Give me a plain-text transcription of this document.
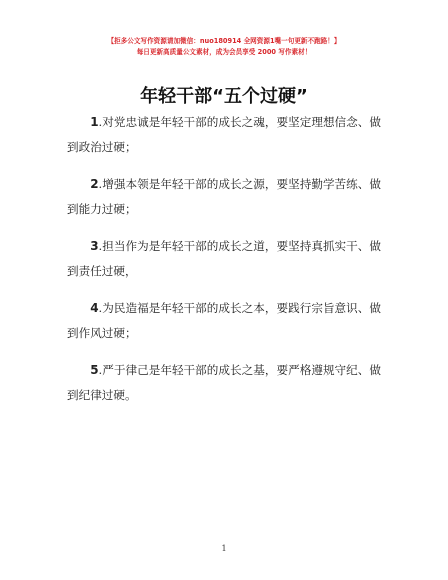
【拒多公文写作资源请加微信：nuo180914 全网资源1嘴一句更新不跑路！】
每日更新高质量公文素材，成为会员享受 2000 写作素材！
年轻干部“五个过硬”

1.对党忠诚是年轻干部的成长之魂，要坚定理想信念、做到政治过硬；

2.增强本领是年轻干部的成长之源，要坚持勤学苦练、做到能力过硬；

3.担当作为是年轻干部的成长之道，要坚持真抓实干、做到责任过硬，

4.为民造福是年轻干部的成长之本，要践行宗旨意识、做到作风过硬；

5.严于律己是年轻干部的成长之基，要严格遵规守纪、做到纪律过硬。

1
